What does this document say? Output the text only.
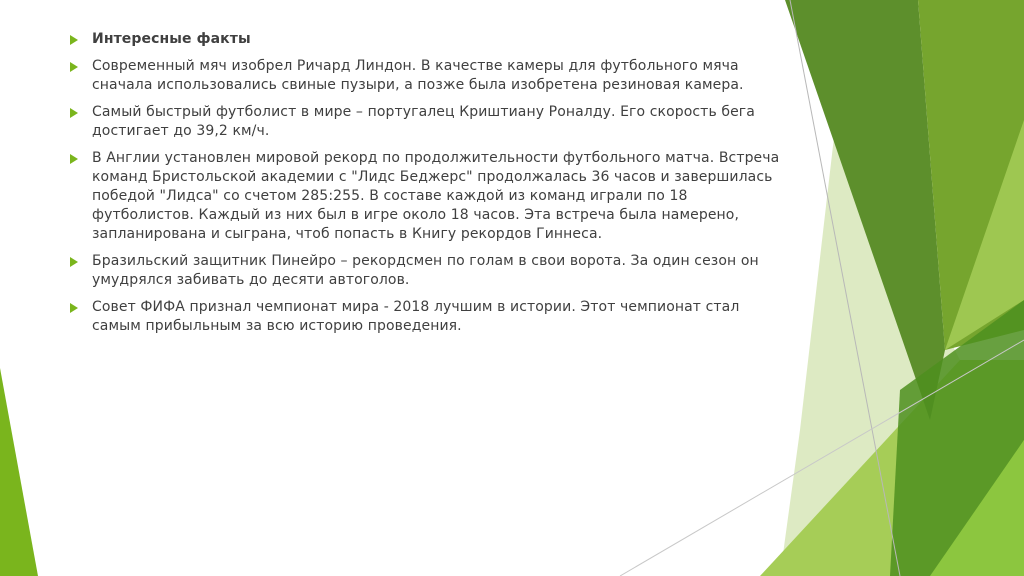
Интересные факты
Современный мяч изобрел Ричард Линдон. В качестве камеры для футбольного мяча сначала использовались свиные пузыри, а позже была изобретена резиновая камера.
Самый быстрый футболист в мире – португалец Криштиану Роналду. Его скорость бега достигает до 39,2 км/ч.
В Англии установлен мировой рекорд по продолжительности футбольного матча. Встреча команд Бристольской академии с "Лидс Беджерс" продолжалась 36 часов и завершилась победой "Лидса" со счетом 285:255. В составе каждой из команд играли по 18 футболистов. Каждый из них был в игре около 18 часов. Эта встреча была намерено, запланирована и сыграна, чтоб попасть в Книгу рекордов Гиннеса.
Бразильский защитник Пинейро – рекордсмен по голам в свои ворота. За один сезон он умудрялся забивать до десяти автоголов.
Совет ФИФА признал чемпионат мира - 2018 лучшим в истории. Этот чемпионат стал самым прибыльным за всю историю проведения.
